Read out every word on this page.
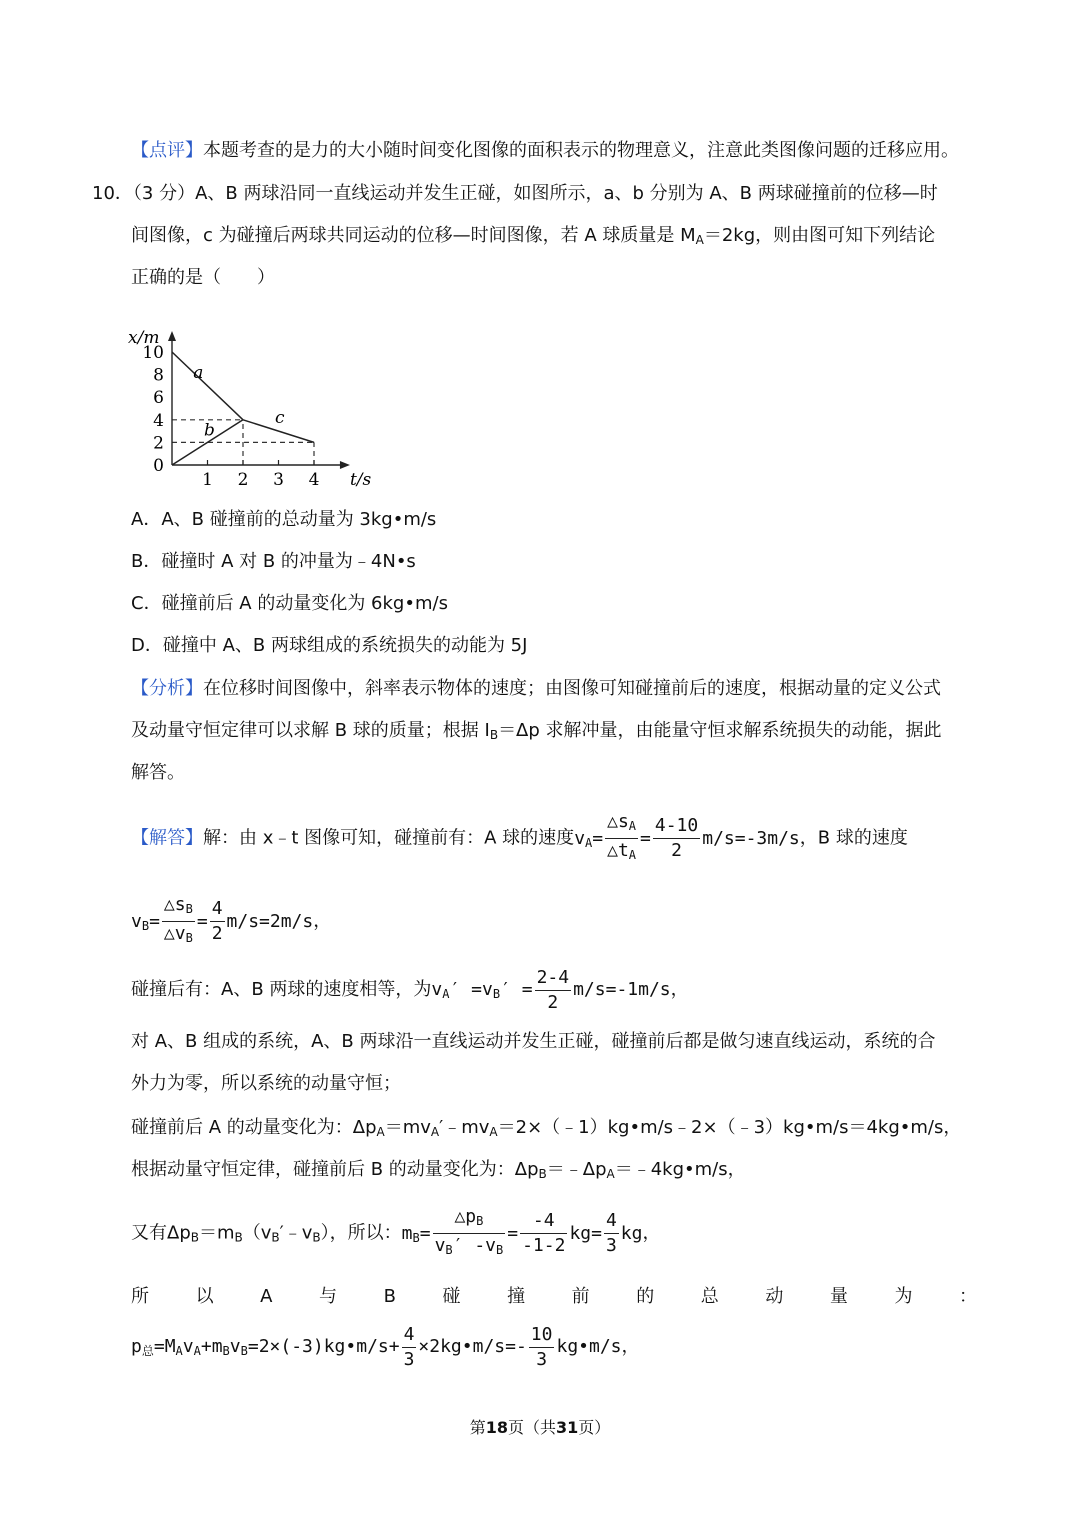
【点评】本题考查的是力的大小随时间变化图像的面积表示的物理意义，注意此类图像问题的迁移应用。
10．（3 分）A、B 两球沿同一直线运动并发生正碰，如图所示，a、b 分别为 A、B 两球碰撞前的位移—时
间图像，c 为碰撞后两球共同运动的位移—时间图像，若 A 球质量是 $M_A=2kg$，则由图可知下列结论
正确的是（　　）
1 2 3 4
0
2
4
6
8
10
x/m
t/s
a
b
c
A．A、B 碰撞前的总动量为 3kg•m/s
B．碰撞时 A 对 B 的冲量为﹣4N•s
C．碰撞前后 A 的动量变化为 6kg•m/s
D．碰撞中 A、B 两球组成的系统损失的动能为 5J
【分析】在位移时间图像中，斜率表示物体的速度；由图像可知碰撞前后的速度，根据动量的定义公式
及动量守恒定律可以求解 B 球的质量；根据 $I_B=\Delta p$ 求解冲量，由能量守恒求解系统损失的动能，据此
解答。
【解答】解：由 x﹣t 图像可知，碰撞前有：A 球的速度$v_A= \frac{\triangle s_A}{\triangle t_A} = \frac{4-10}{2} m/s=-3m/s$，B 球的速度
$v_B= \frac{\triangle s_B}{\triangle v_B} = \frac{4}{2} m/s=2m/s$，
碰撞后有：A、B 两球的速度相等，为$v_A' =v_B' = \frac{2-4}{2} m/s=-1m/s$，
对 A、B 组成的系统，A、B 两球沿一直线运动并发生正碰，碰撞前后都是做匀速直线运动，系统的合
外力为零，所以系统的动量守恒；
碰撞前后 A 的动量变化为：$\Delta p_A=mv_A'﹣mv_A=2\times(﹣1)kg•m/s﹣2\times(﹣3)kg•m/s=4kg•m/s$，
根据动量守恒定律，碰撞前后 B 的动量变化为：$\Delta p_B=﹣\Delta p_A=﹣4kg•m/s$，
又有$\Delta p_B=m_B(v_B'﹣v_B)$，所以：$m_B= \frac{\triangle p_B}{v_B' -v_B} = \frac{-4}{-1-2} kg= \frac{4}{3}$ kg，
所	以	A	与	B	碰	撞	前	的	总	动	量	为	：
$p_总=M_Av_A+m_Bv_B=2\times(-3)kg•m/s+ \frac{4}{3}$ ×2kg•m/s=- $\frac{10}{3}$ kg•m/s，
第18页（共31页）
